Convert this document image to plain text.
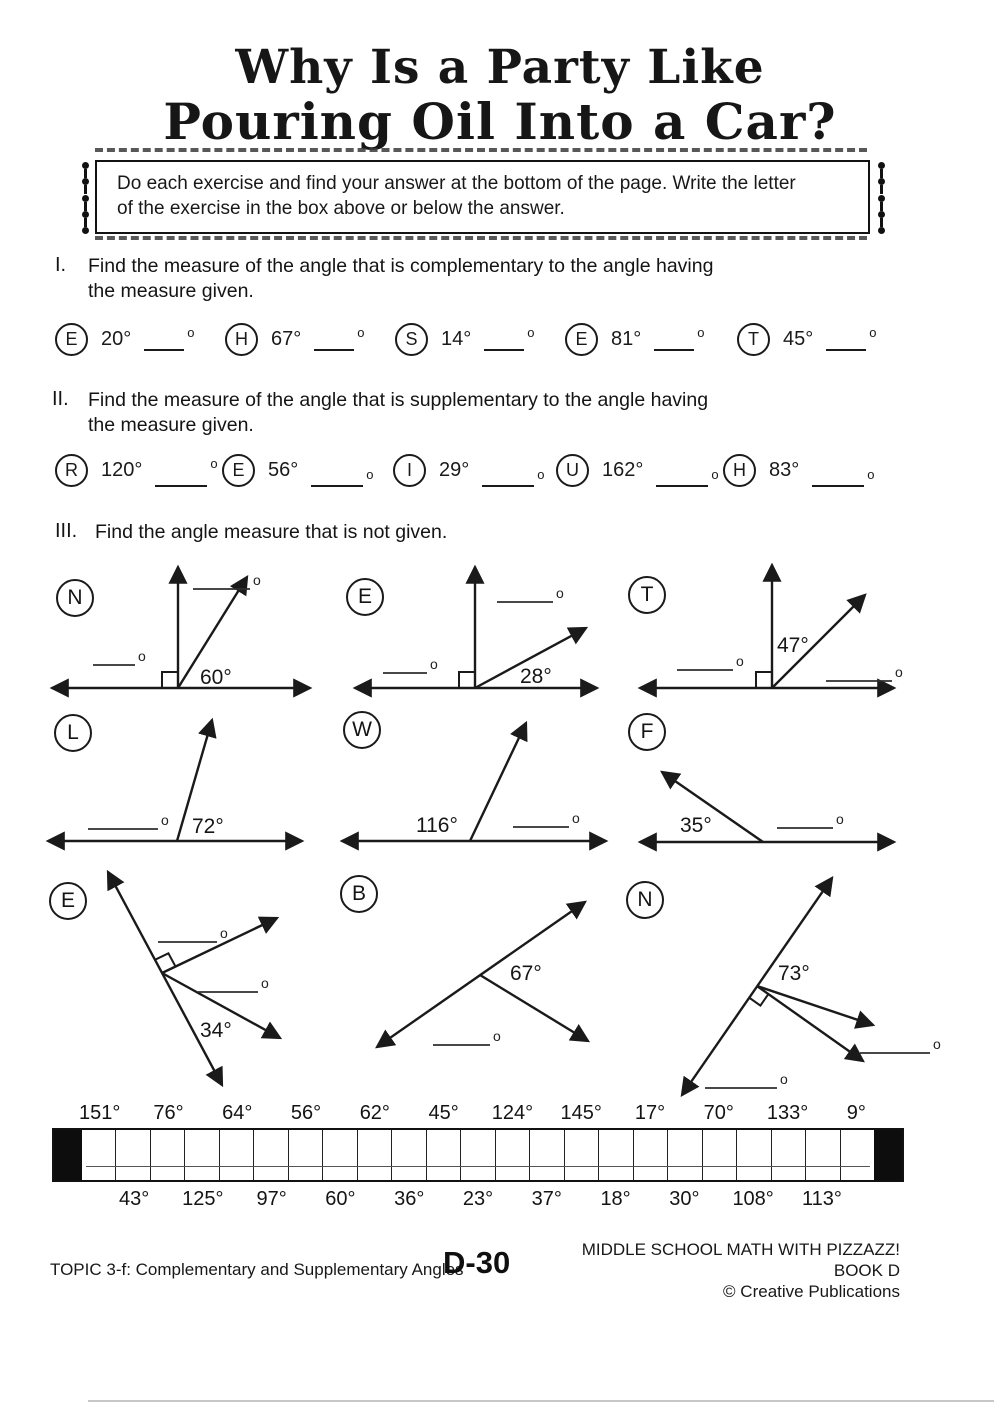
Why Is a Party Like
Pouring Oil Into a Car?
Do each exercise and find your answer at the bottom of the page. Write the letter
of the exercise in the box above or below the answer.
I. Find the measure of the angle that is complementary to the angle having
the measure given.
E	20°	o	H	67°	o	S	14°	o	E	81°	o	T	45°	o
II. Find the measure of the angle that is supplementary to the angle having
the measure given.
R	120°	o E	56°	o	I	29°	o	U	162°	o H	83°	o
III. Find the angle measure that is not given.
N	E	T
L	W	F
E	B	N
o
o
60°
o
o
28°
o
o
47°
o 72°	o
116°	o
35°
o
o
34°	o
67°
o
o
73°
151°	76°	64°	56°	62°	45°	124°	145°	17°	70°	133°	9°
43°	125°	97°	60°	36°	23°	37°	18°	30°	108°	113°
TOPIC 3-f: Complementary and Supplementary Angles
D-30	MIDDLE SCHOOL MATH WITH PIZZAZZ! BOOK D
© Creative Publications
